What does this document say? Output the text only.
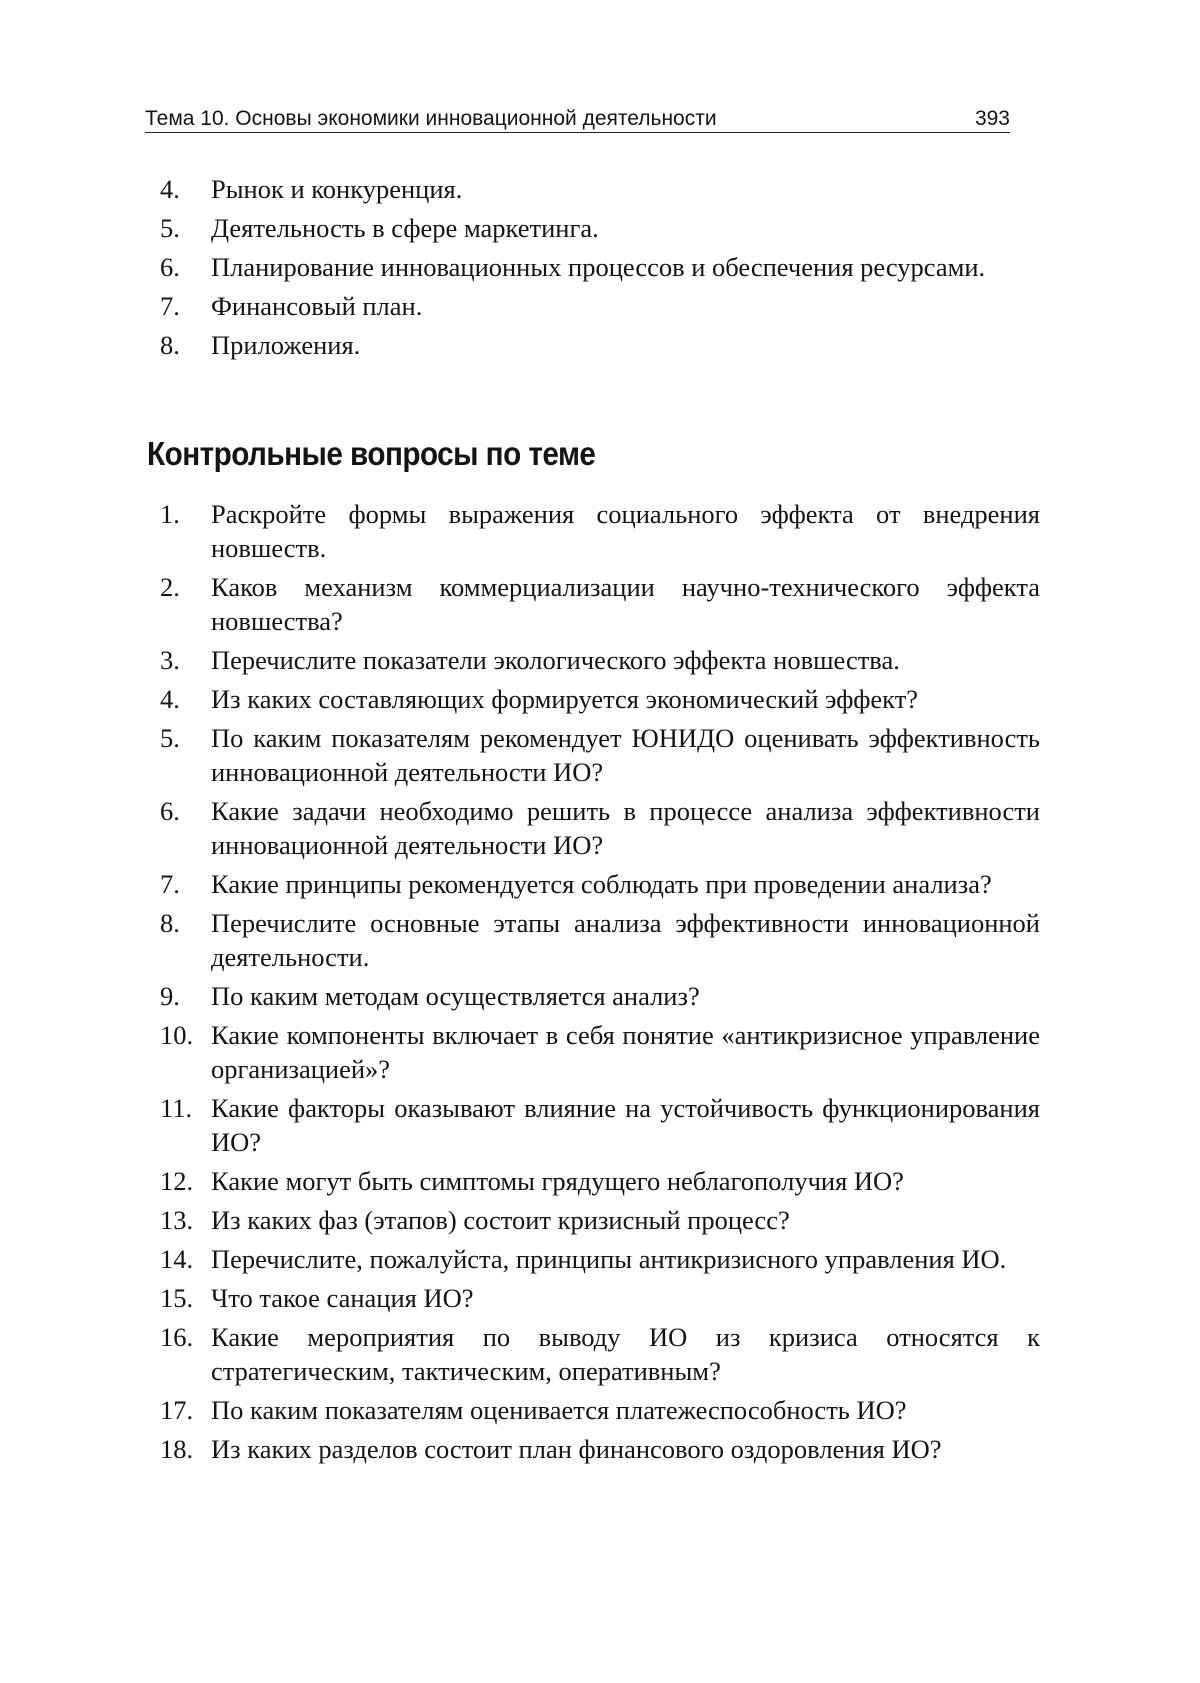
Тема 10. Основы экономики инновационной деятельности	393
4.	Рынок и конкуренция.
5.	Деятельность в сфере маркетинга.
6.	Планирование инновационных процессов и обеспечения ресурсами.
7.	Финансовый план.
8.	Приложения.
Контрольные вопросы по теме
1.	Раскройте формы выражения социального эффекта от внедрения новшеств.
2.	Каков механизм коммерциализации научно-технического эффекта новшества?
3.	Перечислите показатели экологического эффекта новшества.
4.	Из каких составляющих формируется экономический эффект?
5.	По каким показателям рекомендует ЮНИДО оценивать эффективность инновационной деятельности ИО?
6.	Какие задачи необходимо решить в процессе анализа эффективности инновационной деятельности ИО?
7.	Какие принципы рекомендуется соблюдать при проведении анализа?
8.	Перечислите основные этапы анализа эффективности инновационной деятельности.
9.	По каким методам осуществляется анализ?
10. Какие компоненты включает в себя понятие «антикризисное управление организацией»?
11. Какие факторы оказывают влияние на устойчивость функционирования ИО?
12. Какие могут быть симптомы грядущего неблагополучия ИО?
13. Из каких фаз (этапов) состоит кризисный процесс?
14. Перечислите, пожалуйста, принципы антикризисного управления ИО.
15. Что такое санация ИО?
16. Какие мероприятия по выводу ИО из кризиса относятся к стратегическим, тактическим, оперативным?
17. По каким показателям оценивается платежеспособность ИО?
18. Из каких разделов состоит план финансового оздоровления ИО?
